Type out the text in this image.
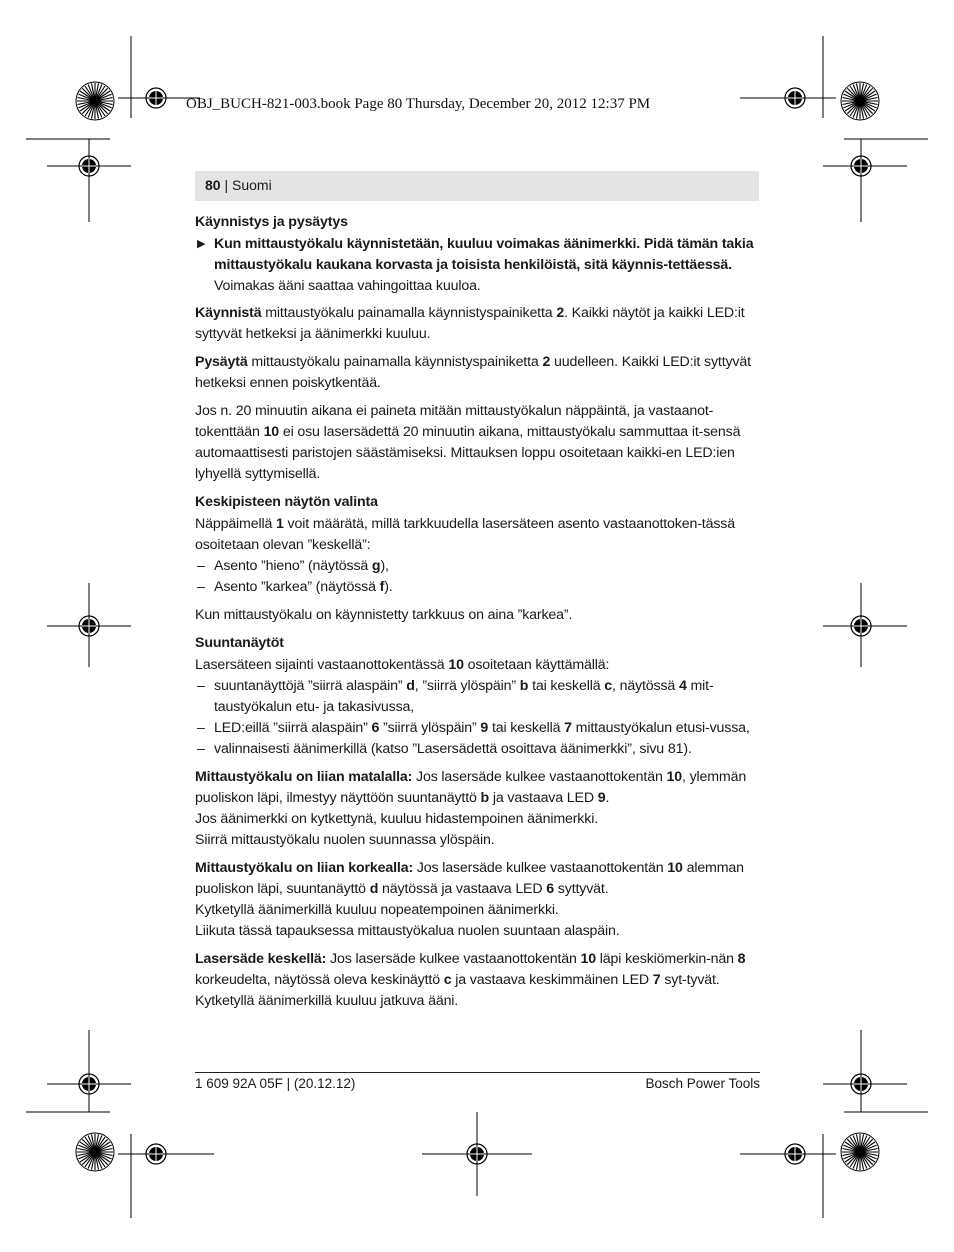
OBJ_BUCH-821-003.book Page 80 Thursday, December 20, 2012 12:37 PM
80 | Suomi
Käynnistys ja pysäytys
▶ Kun mittaustyökalu käynnistetään, kuuluu voimakas äänimerkki. Pidä tämän takia mittaustyökalu kaukana korvasta ja toisista henkilöistä, sitä käynnis-tettäessä. Voimakas ääni saattaa vahingoittaa kuuloa.

Käynnistä mittaustyökalu painamalla käynnistyspainiketta 2. Kaikki näytöt ja kaikki LED:it syttyvät hetkeksi ja äänimerkki kuuluu.

Pysäytä mittaustyökalu painamalla käynnistyspainiketta 2 uudelleen. Kaikki LED:it syttyvät hetkeksi ennen poiskytkentää.

Jos n. 20 minuutin aikana ei paineta mitään mittaustyökalun näppäintä, ja vastaanot-tokenttään 10 ei osu lasersädettä 20 minuutin aikana, mittaustyökalu sammuttaa it-sensä automaattisesti paristojen säästämiseksi. Mittauksen loppu osoitetaan kaikki-en LED:ien lyhyellä syttymisellä.

Keskipisteen näytön valinta

Näppäimellä 1 voit määrätä, millä tarkkuudella lasersäteen asento vastaanottoken-tässä osoitetaan olevan ”keskellä”:

– Asento ”hieno” (näytössä g),
– Asento ”karkea” (näytössä f).

Kun mittaustyökalu on käynnistetty tarkkuus on aina ”karkea”.

Suuntanäytöt

Lasersäteen sijainti vastaanottokentässä 10 osoitetaan käyttämällä:

– suuntanäyttöjä ”siirrä alaspäin” d, ”siirrä ylöspäin” b tai keskellä c, näytössä 4 mit-taustyökalun etu- ja takasivussa,
– LED:eillä ”siirrä alaspäin” 6 ”siirrä ylöspäin” 9 tai keskellä 7 mittaustyökalun etusi-vussa,
– valinnaisesti äänimerkillä (katso ”Lasersädettä osoittava äänimerkki”, sivu 81).

Mittaustyökalu on liian matalalla: Jos lasersäde kulkee vastaanottokentän 10, ylemmän puoliskon läpi, ilmestyy näyttöön suuntanäyttö b ja vastaava LED 9.
Jos äänimerkki on kytkettynä, kuuluu hidastempoinen äänimerkki.
Siirrä mittaustyökalu nuolen suunnassa ylöspäin.

Mittaustyökalu on liian korkealla: Jos lasersäde kulkee vastaanottokentän 10 alemman puoliskon läpi, suuntanäyttö d näytössä ja vastaava LED 6 syttyvät.
Kytketyllä äänimerkillä kuuluu nopeatempoinen äänimerkki.
Liikuta tässä tapauksessa mittaustyökalua nuolen suuntaan alaspäin.

Lasersäde keskellä: Jos lasersäde kulkee vastaanottokentän 10 läpi keskiömerkin-nän 8 korkeudelta, näytössä oleva keskinäyttö c ja vastaava keskimmäinen LED 7 syt-tyvät. Kytketyllä äänimerkillä kuuluu jatkuva ääni.

1 609 92A 05F | (20.12.12)	Bosch Power Tools
